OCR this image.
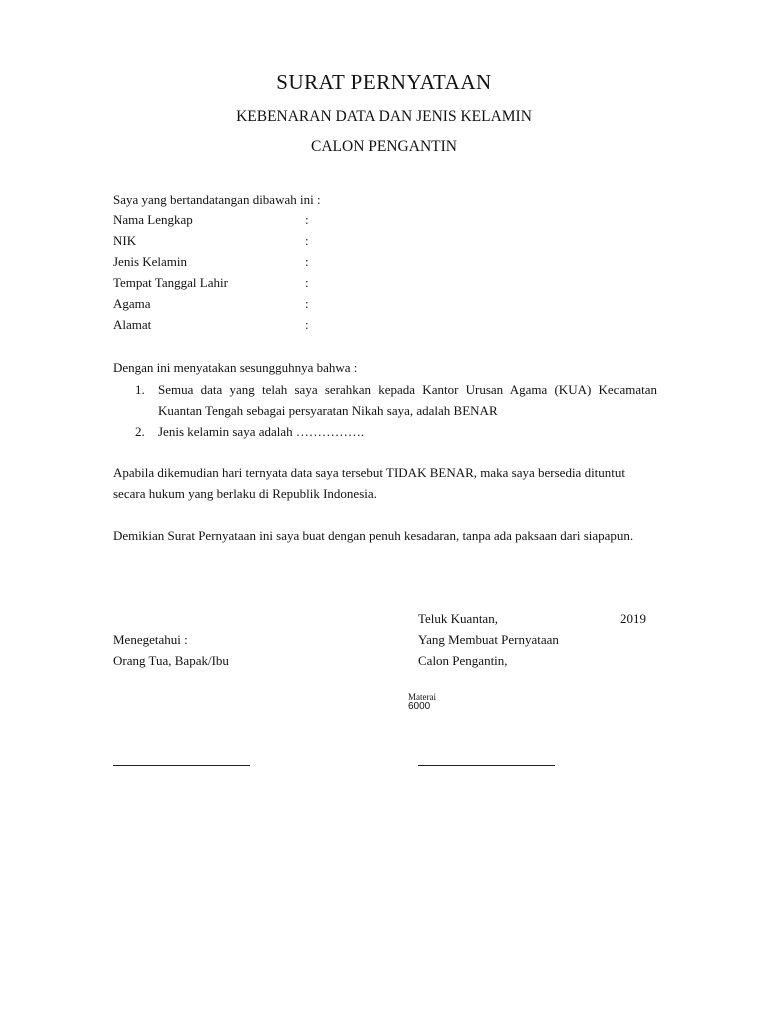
SURAT PERNYATAAN
KEBENARAN DATA DAN JENIS KELAMIN
CALON PENGANTIN

Saya yang bertandatangan dibawah ini :

Nama Lengkap	:
NIK	:
Jenis Kelamin	:
Tempat Tanggal Lahir	:
Agama	:
Alamat	:

Dengan ini menyatakan sesungguhnya bahwa :

1. Semua data yang telah saya serahkan kepada Kantor Urusan Agama (KUA) Kecamatan Kuantan Tengah sebagai persyaratan Nikah saya, adalah BENAR
2. Jenis kelamin saya adalah …………….

Apabila dikemudian hari ternyata data saya tersebut TIDAK BENAR, maka saya bersedia dituntut secara hukum yang berlaku di Republik Indonesia.

Demikian Surat Pernyataan ini saya buat dengan penuh kesadaran, tanpa ada paksaan dari siapapun.

Teluk Kuantan,	2019
Menegetahui :	Yang Membuat Pernyataan
Orang Tua, Bapak/Ibu	Calon Pengantin,
Materai
6000
